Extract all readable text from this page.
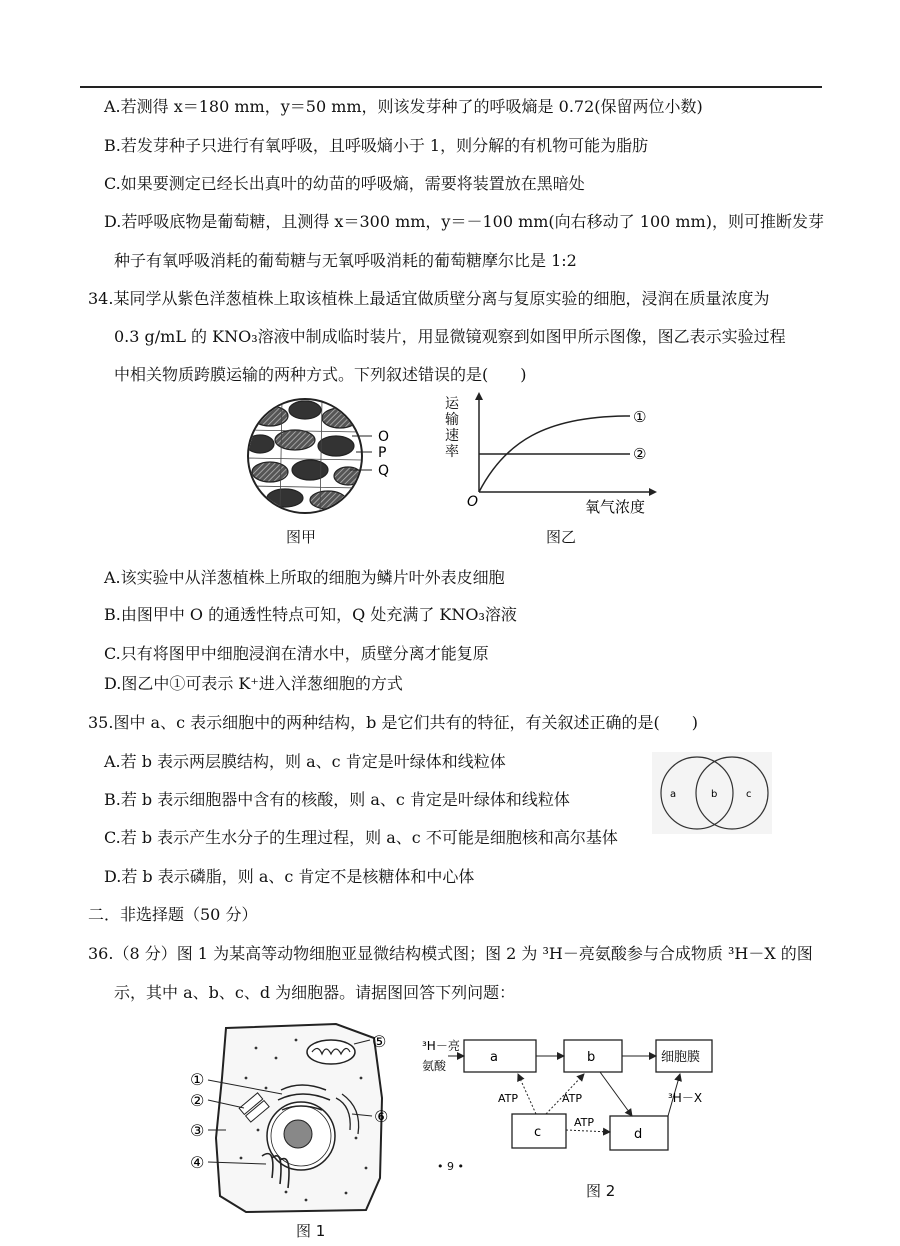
A.若测得 x＝180 mm，y＝50 mm，则该发芽种了的呼吸熵是 0.72(保留两位小数)
B.若发芽种子只进行有氧呼吸，且呼吸熵小于 1，则分解的有机物可能为脂肪
C.如果要测定已经长出真叶的幼苗的呼吸熵，需要将装置放在黑暗处
D.若呼吸底物是葡萄糖，且测得 x＝300 mm，y＝－100 mm(向右移动了 100 mm)，则可推断发芽
种子有氧呼吸消耗的葡萄糖与无氧呼吸消耗的葡萄糖摩尔比是 1:2
34.某同学从紫色洋葱植株上取该植株上最适宜做质壁分离与复原实验的细胞，浸润在质量浓度为
0.3 g/mL 的 KNO₃溶液中制成临时装片，用显微镜观察到如图甲所示图像，图乙表示实验过程
中相关物质跨膜运输的两种方式。下列叙述错误的是(　　)
O
P
Q
图甲
运
输
速
率
①
②
O	氧气浓度
图乙
A.该实验中从洋葱植株上所取的细胞为鳞片叶外表皮细胞
B.由图甲中 O 的通透性特点可知，Q 处充满了 KNO₃溶液
C.只有将图甲中细胞浸润在清水中，质壁分离才能复原
D.图乙中①可表示 K⁺进入洋葱细胞的方式
35.图中 a、c 表示细胞中的两种结构，b 是它们共有的特征，有关叙述正确的是(　　)
A.若 b 表示两层膜结构，则 a、c 肯定是叶绿体和线粒体
B.若 b 表示细胞器中含有的核酸，则 a、c 肯定是叶绿体和线粒体
C.若 b 表示产生水分子的生理过程，则 a、c 不可能是细胞核和高尔基体
D.若 b 表示磷脂，则 a、c 肯定不是核糖体和中心体
a	b	c
二．非选择题（50 分）
36.（8 分）图 1 为某高等动物细胞亚显微结构模式图；图 2 为 ³H－亮氨酸参与合成物质 ³H－X 的图
示，其中 a、b、c、d 为细胞器。请据图回答下列问题：
①
②
③
④
⑤
⑥
图 1
³H－亮
氨酸
a	b	细胞膜
c	d
ATP	ATP
ATP
³H－X
图 2
• 9 •
